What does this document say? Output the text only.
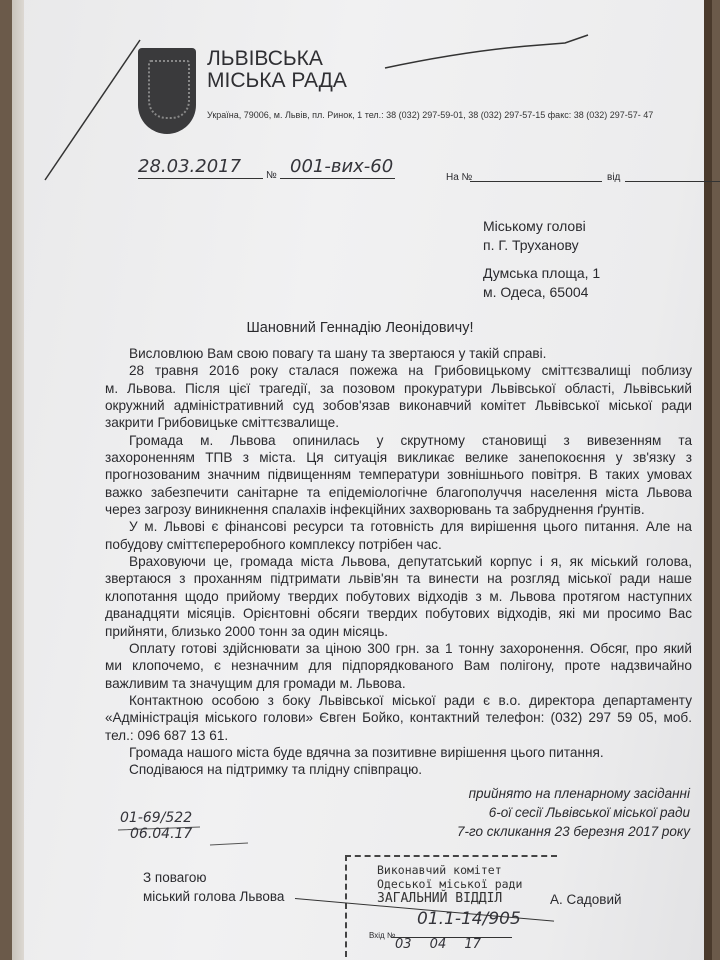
ЛЬВІВСЬКА
МІСЬКА РАДА
Україна, 79006, м. Львів, пл. Ринок, 1 тел.: 38 (032) 297-59-01, 38 (032) 297-57-15 факс: 38 (032) 297-57- 47
28.03.2017 № 001-вих-60
На №	від
Міському голові
п. Г. Труханову
Думська площа, 1
м. Одеса, 65004
Шановний Геннадію Леонідовичу!
Висловлюю Вам свою повагу та шану та звертаюся у такій справі.
28 травня 2016 року сталася пожежа на Грибовицькому сміттєзвалищі поблизу
м. Львова. Після цієї трагедії, за позовом прокуратури Львівської області, Львівський
окружний адміністративний суд зобов'язав виконавчий комітет Львівської міської ради
закрити Грибовицьке сміттєзвалище.
Громада м. Львова опинилась у скрутному становищі з вивезенням та
захороненням ТПВ з міста. Ця ситуація викликає велике занепокоєння у зв'язку з
прогнозованим значним підвищенням температури зовнішнього повітря. В таких умовах
важко забезпечити санітарне та епідеміологічне благополуччя населення міста Львова
через загрозу виникнення спалахів інфекційних захворювань та забруднення ґрунтів.
У м. Львові є фінансові ресурси та готовність для вирішення цього питання. Але на
побудову сміттєпереробного комплексу потрібен час.
Враховуючи це, громада міста Львова, депутатський корпус і я, як міський голова,
звертаюся з проханням підтримати львів'ян та винести на розгляд міської ради наше
клопотання щодо прийому твердих побутових відходів з м. Львова протягом наступних
дванадцяти місяців. Орієнтовні обсяги твердих побутових відходів, які ми просимо Вас
прийняти, близько 2000 тонн за один місяць.
Оплату готові здійснювати за ціною 300 грн. за 1 тонну захоронення. Обсяг, про який
ми клопочемо, є незначним для підпорядкованого Вам полігону, проте надзвичайно
важливим та значущим для громади м. Львова.
Контактною особою з боку Львівської міської ради є в.о. директора департаменту
«Адміністрація міського голови» Євген Бойко, контактний телефон: (032) 297 59 05, моб.
тел.: 096 687 13 61.
Громада нашого міста буде вдячна за позитивне вирішення цього питання.
Сподіваюся на підтримку та плідну співпрацю.
01-69/522
06.04.17
прийнято на пленарному засіданні
6-ої сесії Львівської міської ради
7-го скликання 23 березня 2017 року
З повагою
міський голова Львова	А. Садовий
Виконавчий комітет
Одеської міської ради
ЗАГАЛЬНИЙ ВІДДІЛ
01.1-14/905
Вхід №
03 04 17
